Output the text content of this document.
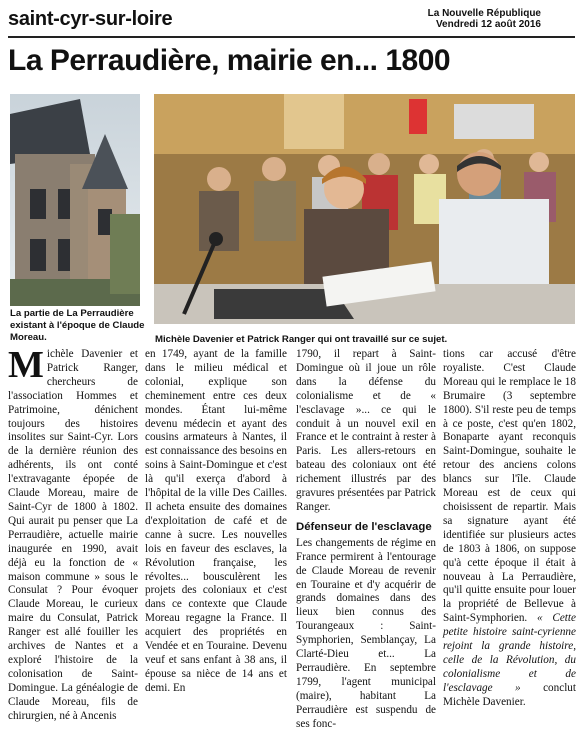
saint-cyr-sur-loire	La Nouvelle République
Vendredi 12 août 2016
La Perraudière, mairie en... 1800
La partie de La Perraudière existant à l'époque de Claude Moreau.	Michèle Davenier et Patrick Ranger qui ont travaillé sur ce sujet.

Michèle Davenier et Patrick Ranger, chercheurs de l'association Hommes et Patrimoine, dénichent toujours des histoires insolites sur Saint-Cyr. Lors de la dernière réunion des adhérents, ils ont conté l'extravagante épopée de Claude Moreau, maire de Saint-Cyr de 1800 à 1802. Qui aurait pu penser que La Perraudière, actuelle mairie inaugurée en 1990, avait déjà eu la fonction de « maison commune » sous le Consulat ? Pour évoquer Claude Moreau, le curieux maire du Consulat, Patrick Ranger est allé fouiller les archives de Nantes et a exploré l'histoire de la colonisation de Saint-Domingue. La généalogie de Claude Moreau, fils de chirurgien, né à Ancenis

en 1749, ayant de la famille dans le milieu médical et colonial, explique son cheminement entre ces deux mondes. Étant lui-même devenu médecin et ayant des cousins armateurs à Nantes, il est connaissance des besoins en soins à Saint-Domingue et c'est là qu'il exerça d'abord à l'hôpital de la ville Des Cailles. Il acheta ensuite des domaines d'exploitation de café et de canne à sucre. Les nouvelles lois en faveur des esclaves, la Révolution française, les révoltes... bousculèrent les projets des coloniaux et c'est dans ce contexte que Claude Moreau regagne la France. Il acquiert des propriétés en Vendée et en Touraine. Devenu veuf et sans enfant à 38 ans, il épouse sa nièce de 14 ans et demi. En

1790, il repart à Saint-Domingue où il joue un rôle dans la défense du colonialisme et de « l'esclavage »... ce qui le conduit à un nouvel exil en France et le contraint à rester à Paris. Les allers-retours en bateau des coloniaux ont été richement illustrés par des gravures présentées par Patrick Ranger.

Défenseur de l'esclavage

Les changements de régime en France permirent à l'entourage de Claude Moreau de revenir en Touraine et d'y acquérir de grands domaines dans des lieux bien connus des Tourangeaux : Saint-Symphorien, Semblançay, La Clarté-Dieu et... La Perraudière. En septembre 1799, l'agent municipal (maire), habitant La Perraudière est suspendu de ses fonc-

tions car accusé d'être royaliste. C'est Claude Moreau qui le remplace le 18 Brumaire (3 septembre 1800). S'il reste peu de temps à ce poste, c'est qu'en 1802, Bonaparte ayant reconquis Saint-Domingue, souhaite le retour des anciens colons blancs sur l'île. Claude Moreau est de ceux qui choisissent de repartir. Mais sa signature ayant été identifiée sur plusieurs actes de 1803 à 1806, on suppose qu'à cette époque il était à nouveau à La Perraudière, qu'il quitte ensuite pour louer la propriété de Bellevue à Saint-Symphorien. « Cette petite histoire saint-cyrienne rejoint la grande histoire, celle de la Révolution, du colonialisme et de l'esclavage » conclut Michèle Davenier.
